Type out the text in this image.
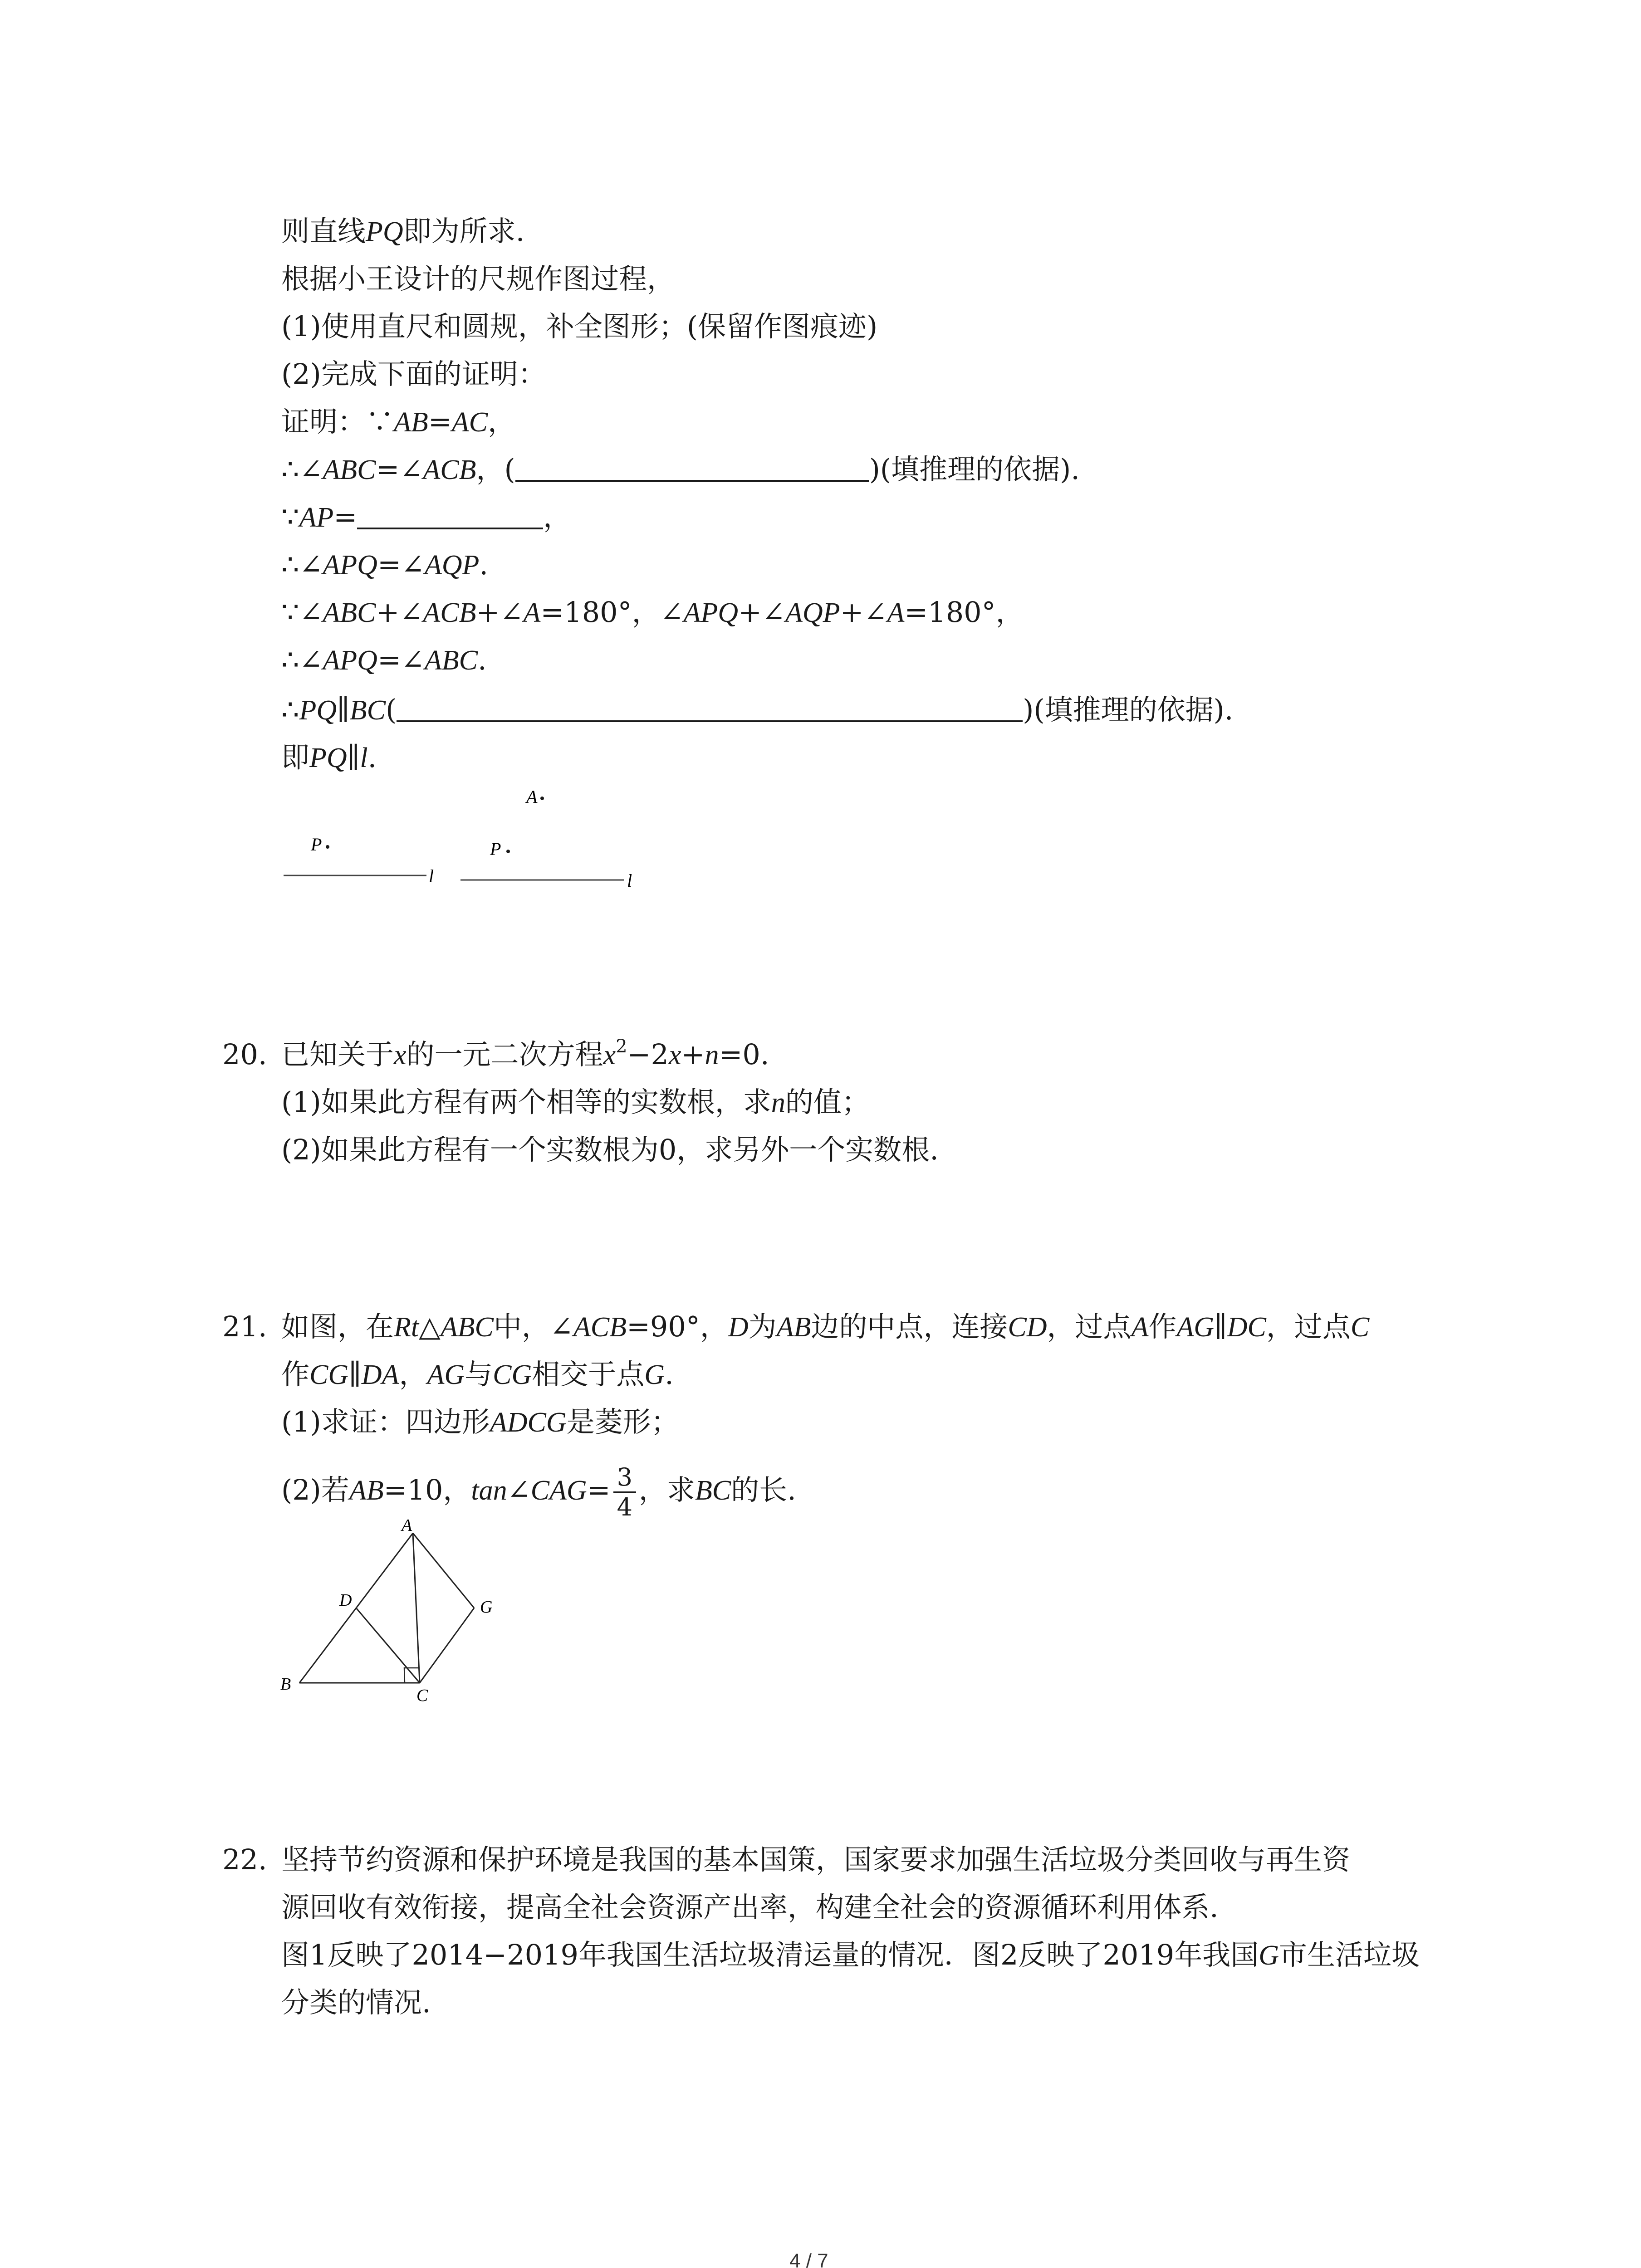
则直线PQ即为所求.
根据小王设计的尺规作图过程，
(1)使用直尺和圆规，补全图形；(保留作图痕迹)
(2)完成下面的证明：
证明：∵AB=AC，
∴∠ABC=∠ACB，(	)(填推理的依据).
∵AP=	，
∴∠APQ=∠AQP.
∵∠ABC+∠ACB+∠A=180°，∠APQ+∠AQP+∠A=180°，
∴∠APQ=∠ABC.
∴PQ∥BC(	)(填推理的依据).
即PQ∥l.
A
P
l
P
l
20. 已知关于x的一元二次方程$x^2-2x+n=0$.
(1)如果此方程有两个相等的实数根，求n的值；
(2)如果此方程有一个实数根为0，求另外一个实数根.
21. 如图，在Rt△ABC中，∠ACB=90°，D为AB边的中点，连接CD，过点A作AG∥DC，过点C
作CG∥DA，AG与CG相交于点G.
(1)求证：四边形ADCG是菱形；
(2)若AB=10，tan∠CAG= $\frac{3}{4}$ ，求BC的长.
A
B
C
D	G
22. 坚持节约资源和保护环境是我国的基本国策，国家要求加强生活垃圾分类回收与再生资
源回收有效衔接，提高全社会资源产出率，构建全社会的资源循环利用体系.
图1反映了2014−2019年我国生活垃圾清运量的情况．图2反映了2019年我国G市生活垃圾
分类的情况.
4 / 7
